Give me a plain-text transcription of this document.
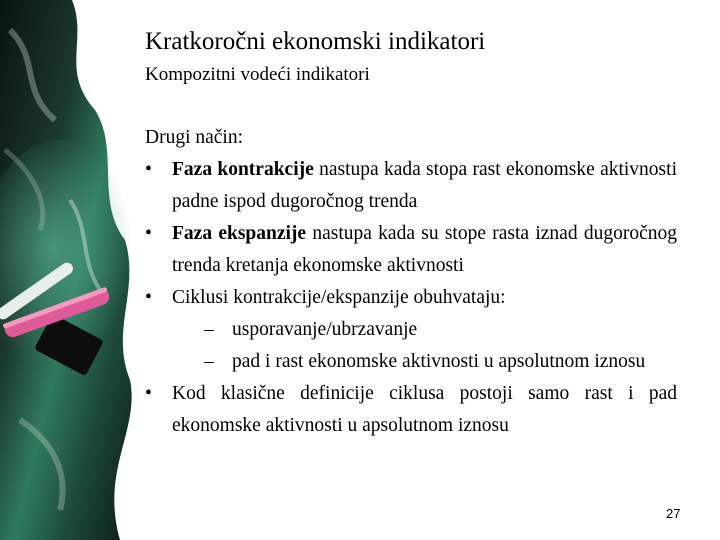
Kratkoročni ekonomski indikatori
Kompozitni vodeći indikatori

Drugi način:

• Faza kontrakcije nastupa kada stopa rast ekonomske aktivnosti padne ispod dugoročnog trenda
• Faza ekspanzije nastupa kada su stope rasta iznad dugoročnog trenda kretanja ekonomske aktivnosti
• Ciklusi kontrakcije/ekspanzije obuhvataju:
– usporavanje/ubrzavanje
– pad i rast ekonomske aktivnosti u apsolutnom iznosu
• Kod klasične definicije ciklusa postoji samo rast i pad ekonomske aktivnosti u apsolutnom iznosu
27
